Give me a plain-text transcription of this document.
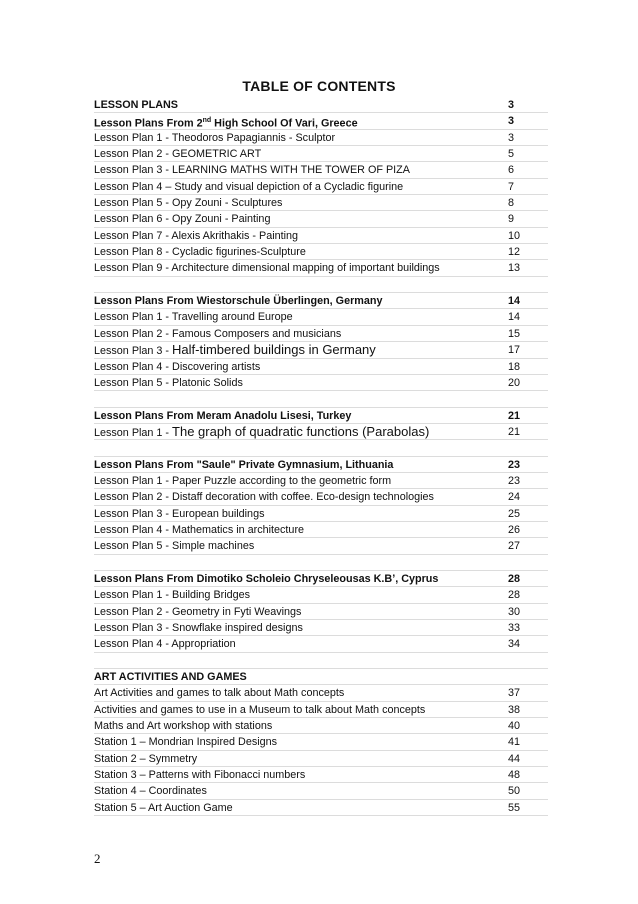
TABLE OF CONTENTS
LESSON PLANS	3
Lesson Plans From 2nd High School Of Vari, Greece	3
Lesson Plan 1 - Theodoros Papagiannis - Sculptor	3
Lesson Plan 2 - GEOMETRIC ART	5
Lesson Plan 3 - LEARNING MATHS WITH THE TOWER OF PIZA	6
Lesson Plan 4 – Study and visual depiction of a Cycladic figurine	7
Lesson Plan 5 - Opy Zouni - Sculptures	8
Lesson Plan 6 - Opy Zouni - Painting	9
Lesson Plan 7 - Alexis Akrithakis - Painting	10
Lesson Plan 8 - Cycladic figurines-Sculpture	12
Lesson Plan 9 - Architecture dimensional mapping of important buildings	13
Lesson Plans From Wiestorschule Überlingen, Germany	14
Lesson Plan 1 - Travelling around Europe	14
Lesson Plan 2 - Famous Composers and musicians	15
Lesson Plan 3 - Half-timbered buildings in Germany	17
Lesson Plan 4 - Discovering artists	18
Lesson Plan 5 - Platonic Solids	20
Lesson Plans From Meram Anadolu Lisesi, Turkey	21
Lesson Plan 1 - The graph of quadratic functions (Parabolas)	21
Lesson Plans From "Saule" Private Gymnasium, Lithuania	23
Lesson Plan 1 - Paper Puzzle according to the geometric form	23
Lesson Plan 2 - Distaff decoration with coffee. Eco-design technologies	24
Lesson Plan 3 - European buildings	25
Lesson Plan 4 - Mathematics in architecture	26
Lesson Plan 5 - Simple machines	27
Lesson Plans From Dimotiko Scholeio Chryseleousas K.B’, Cyprus	28
Lesson Plan 1 - Building Bridges	28
Lesson Plan 2 - Geometry in Fyti Weavings	30
Lesson Plan 3 - Snowflake inspired designs	33
Lesson Plan 4 - Appropriation	34
ART ACTIVITIES AND GAMES
Art Activities and games to talk about Math concepts	37
Activities and games to use in a Museum to talk about Math concepts	38
Maths and Art workshop with stations	40
Station 1 – Mondrian Inspired Designs	41
Station 2 – Symmetry	44
Station 3 – Patterns with Fibonacci numbers	48
Station 4 – Coordinates	50
Station 5 – Art Auction Game	55
2
